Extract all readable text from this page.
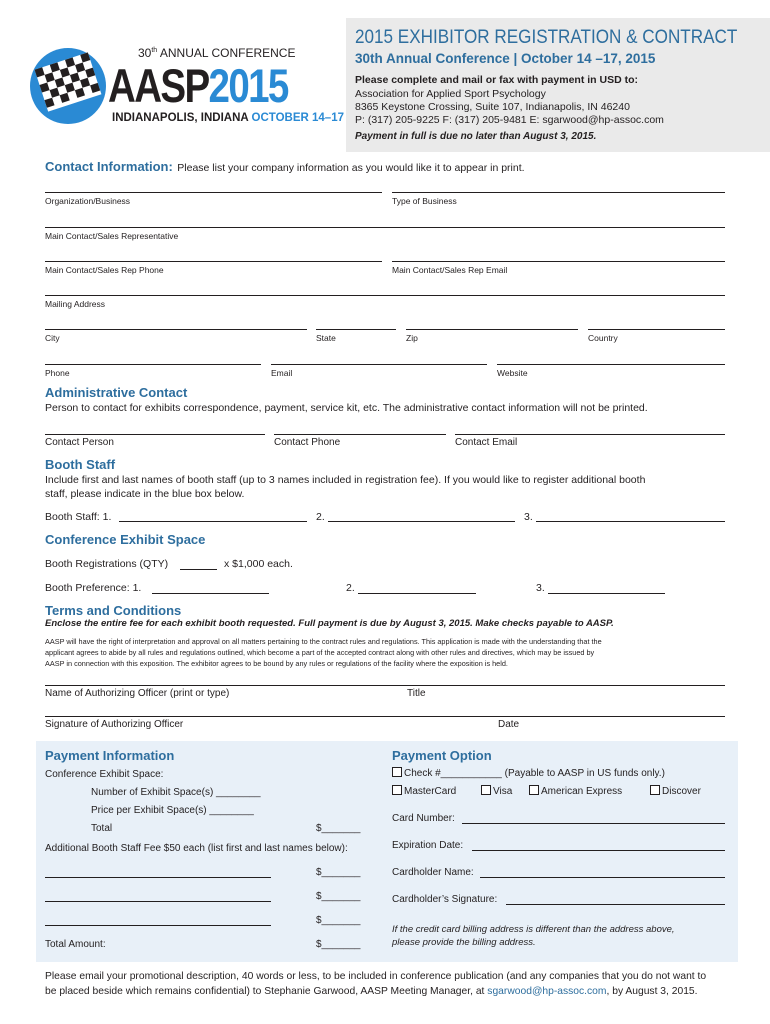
30th ANNUAL CONFERENCE
AASP2015
INDIANAPOLIS, INDIANA OCTOBER 14–17
2015 EXHIBITOR REGISTRATION & CONTRACT
30th Annual Conference | October 14 –17, 2015
Please complete and mail or fax with payment in USD to:
Association for Applied Sport Psychology
8365 Keystone Crossing, Suite 107, Indianapolis, IN 46240
P: (317) 205-9225 F: (317) 205-9481 E: sgarwood@hp-assoc.com
Payment in full is due no later than August 3, 2015.
Contact Information: Please list your company information as you would like it to appear in print.
Organization/Business	Type of Business
Main Contact/Sales Representative
Main Contact/Sales Rep Phone	Main Contact/Sales Rep Email
Mailing Address
City	State	Zip	Country
Phone	Email	Website
Administrative Contact
Person to contact for exhibits correspondence, payment, service kit, etc. The administrative contact information will not be printed.
Contact Person	Contact Phone	Contact Email
Booth Staff
Include first and last names of booth staff (up to 3 names included in registration fee). If you would like to register additional booth
staff, please indicate in the blue box below.
Booth Staff: 1.	2.	3.
Conference Exhibit Space
Booth Registrations (QTY)	x $1,000 each.
Booth Preference: 1.	2.	3.
Terms and Conditions
Enclose the entire fee for each exhibit booth requested. Full payment is due by August 3, 2015. Make checks payable to AASP.
AASP will have the right of interpretation and approval on all matters pertaining to the contract rules and regulations. This application is made with the understanding that the
applicant agrees to abide by all rules and regulations outlined, which become a part of the accepted contract along with other rules and directives, which may be issued by
AASP in connection with this exposition. The exhibitor agrees to be bound by any rules or regulations of the facility where the exposition is held.
Name of Authorizing Officer (print or type)	Title
Signature of Authorizing Officer	Date
Payment Information
Conference Exhibit Space:
Number of Exhibit Space(s) ________
Price per Exhibit Space(s) ________
Total	$_______
Additional Booth Staff Fee $50 each (list first and last names below):
$_______
$_______
$_______
Total Amount:	$_______
Payment Option
Check #___________ (Payable to AASP in US funds only.)
MasterCard	Visa	American Express	Discover
Card Number:
Expiration Date:
Cardholder Name:
Cardholder’s Signature:
If the credit card billing address is different than the address above,
please provide the billing address.
Please email your promotional description, 40 words or less, to be included in conference publication (and any companies that you do not want to
be placed beside which remains confidential) to Stephanie Garwood, AASP Meeting Manager, at sgarwood@hp-assoc.com, by August 3, 2015.
